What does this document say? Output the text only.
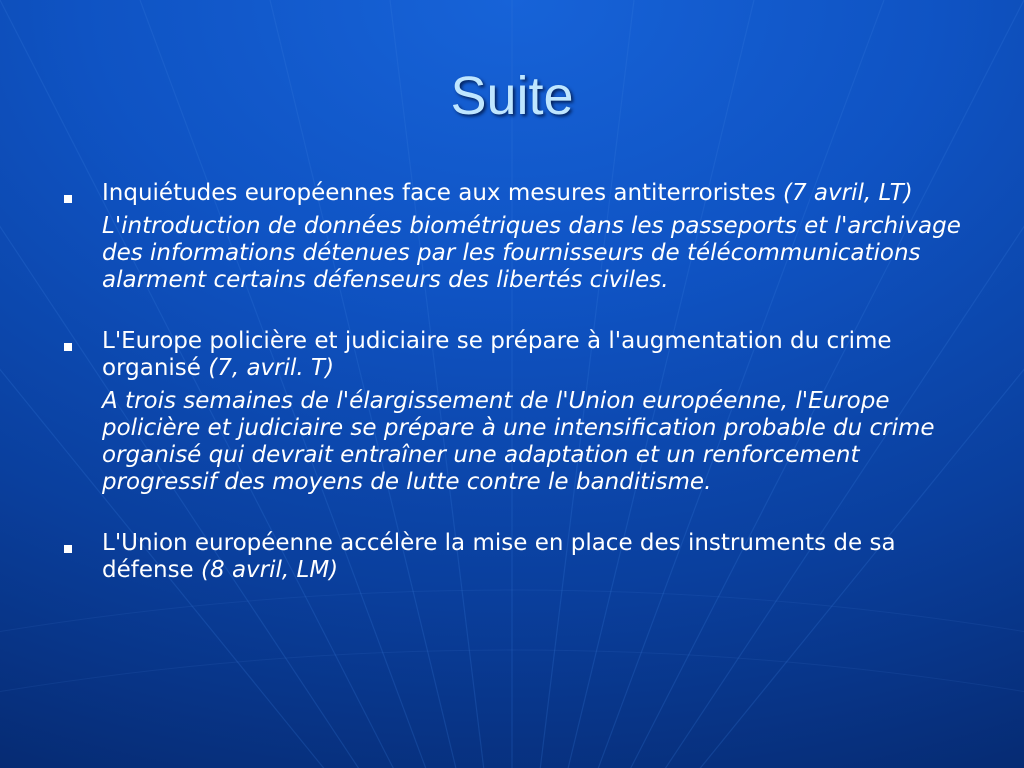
Suite
Inquiétudes européennes face aux mesures antiterroristes (7 avril, LT)
L'introduction de données biométriques dans les passeports et l'archivage des informations détenues par les fournisseurs de télécommunications alarment certains défenseurs des libertés civiles.
L'Europe policière et judiciaire se prépare à l'augmentation du crime organisé (7, avril. T)
A trois semaines de l'élargissement de l'Union européenne, l'Europe policière et judiciaire se prépare à une intensification probable du crime organisé qui devrait entraîner une adaptation et un renforcement progressif des moyens de lutte contre le banditisme.
L'Union européenne accélère la mise en place des instruments de sa défense (8 avril, LM)
